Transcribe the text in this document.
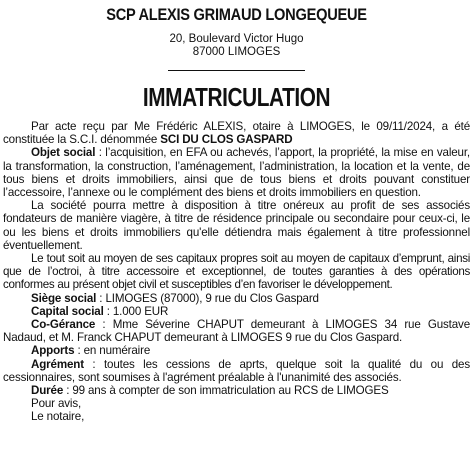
SCP ALEXIS GRIMAUD LONGEQUEUE
20, Boulevard Victor Hugo
87000 LIMOGES
IMMATRICULATION

Par acte reçu par Me Frédéric ALEXIS, otaire à LIMOGES, le 09/11/2024, a été constituée la S.C.I. dénommée SCI DU CLOS GASPARD

Objet social : l’acquisition, en EFA ou achevés, l’apport, la propriété, la mise en valeur, la transformation, la construction, l’aménagement, l’administration, la location et la vente, de tous biens et droits immobiliers, ainsi que de tous biens et droits pouvant constituer l’accessoire, l’annexe ou le complément des biens et droits immobiliers en question.

La société pourra mettre à disposition à titre onéreux au profit de ses associés fondateurs de manière viagère, à titre de résidence principale ou secondaire pour ceux-ci, le ou les biens et droits immobiliers qu'elle détiendra mais également à titre professionnel éventuellement.

Le tout soit au moyen de ses capitaux propres soit au moyen de capitaux d’emprunt, ainsi que de l’octroi, à titre accessoire et exceptionnel, de toutes garanties à des opérations conformes au présent objet civil et susceptibles d’en favoriser le développement.

Siège social : LIMOGES (87000), 9 rue du Clos Gaspard

Capital social : 1.000 EUR

Co-Gérance : Mme Séverine CHAPUT demeurant à LIMOGES 34 rue Gustave Nadaud, et M. Franck CHAPUT demeurant à LIMOGES 9 rue du Clos Gaspard.

Apports : en numéraire

Agrément : toutes les cessions de aprts, quelque soit la qualité du ou des cessionnaires, sont soumises à l'agrément préalable à l'unanimité des associés.

Durée : 99 ans à compter de son immatriculation au RCS de LIMOGES

Pour avis,

Le notaire,
